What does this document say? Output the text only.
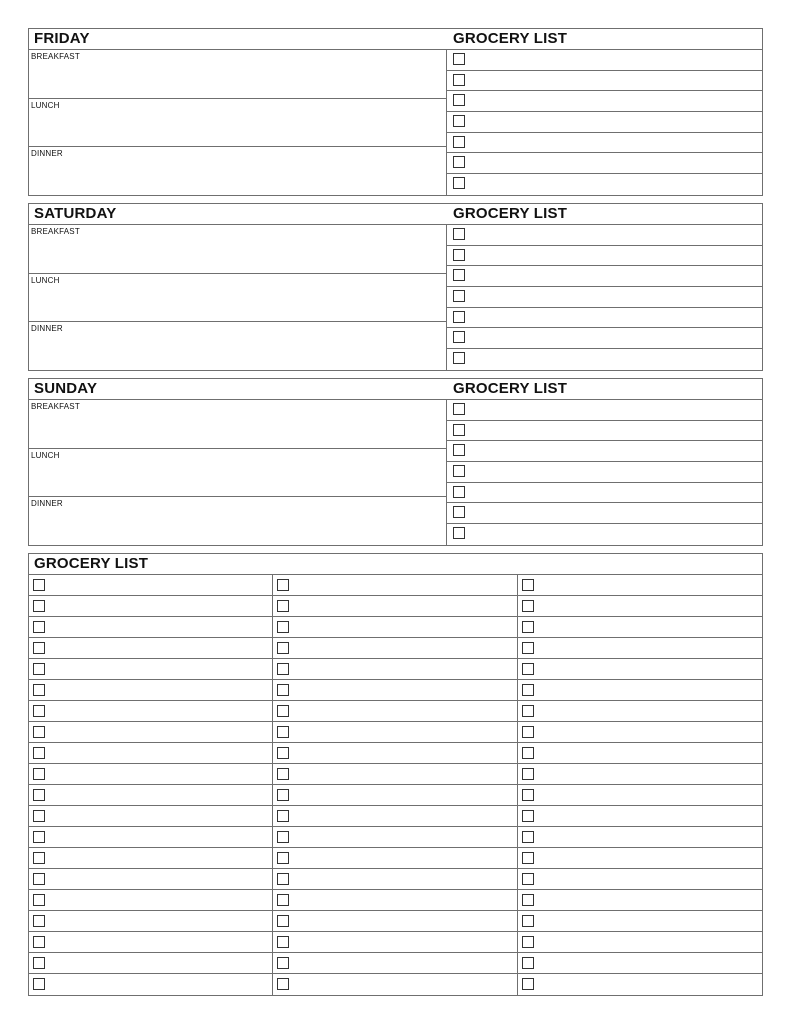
FRIDAY	GROCERY LIST
BREAKFAST
LUNCH
DINNER
SATURDAY	GROCERY LIST
BREAKFAST
LUNCH
DINNER
SUNDAY	GROCERY LIST
BREAKFAST
LUNCH
DINNER
GROCERY LIST
